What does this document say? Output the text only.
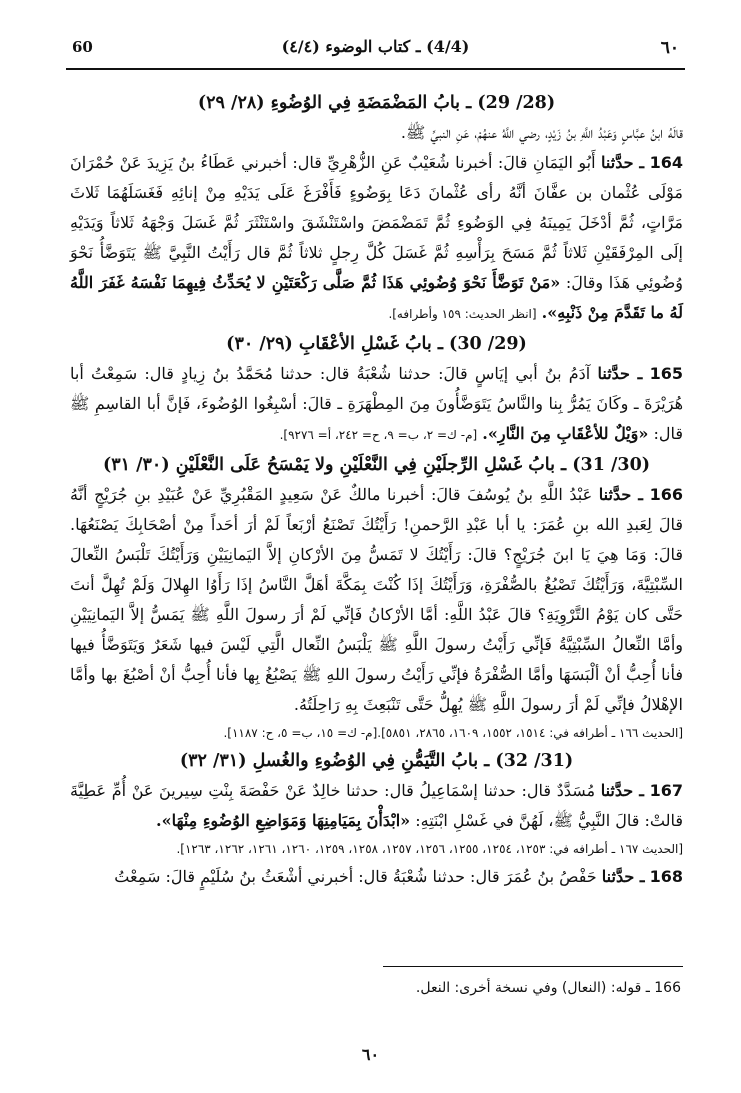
60	(4/4) ـ كتاب الوضوء (٤/٤)	٦٠

(28/ 29) ـ بابُ المَضْمَضَةِ فِي الوُضُوءِ (٢٨/ ٢٩)

قالَهُ ابنُ عبَّاسٍ وَعَبْدُ اللَّهِ بنُ زَيْدٍ، رضي اللَّهُ عنهُمْ، عَنِ النبيِّ ﷺ.

164 ـ حدَّثنا أَبُو اليَمَانِ قالَ: أخبرنا شُعَيْبٌ عَنِ الزُّهْرِيِّ قال: أخبرني عَطَاءُ بنُ يَزِيدَ عَنْ حُمْرَانَ مَوْلَى عُثْمان بن عفَّانَ أنَّهُ رأى عُثْمانَ دَعَا بِوَضُوءٍ فَأَفْرَغَ عَلَى يَدَيْهِ مِنْ إنائِهِ فَغَسَلَهُمَا ثَلاثَ مَرَّاتٍ، ثُمَّ أدْخَلَ يَمِينَهُ فِي الوَضُوءِ ثُمَّ تَمَضْمَضَ واسْتَنْشَقَ واسْتَنْثَرَ ثُمَّ غَسَلَ وَجْهَهُ ثَلاثاً وَيَدَيْهِ إلَى المِرْفَقَيْنِ ثَلاثاً ثُمَّ مَسَحَ بِرَأْسِهِ ثُمَّ غَسَلَ كُلَّ رِجلٍ ثلاثاً ثُمَّ قال رَأَيْتُ النَّبِيَّ ﷺ يَتَوَضَّأُ نَحْوَ وُضُوئِي هَذَا وقالَ: «مَنْ تَوَضَّأَ نَحْوَ وُضُوئِي هَذَا ثُمَّ صَلَّى رَكْعَتَيْنِ لا يُحَدِّثُ فِيهِمَا نَفْسَهُ غَفَرَ اللَّهُ لَهُ ما تَقَدَّمَ مِنْ ذَنْبِهِ». [انظر الحديث: ١٥٩ وأطرافه].

(29/ 30) ـ بابُ غَسْلِ الأعْقَابِ (٢٩/ ٣٠)

165 ـ حدَّثنا آدَمُ بنُ أبي إيَاسٍ قالَ: حدثنا شُعْبَةُ قال: حدثنا مُحَمَّدُ بنُ زِيادٍ قال: سَمِعْتُ أبا هُرَيْرَةَ ـ وكَانَ يَمُرُّ بِنا والنَّاسُ يَتَوَضَّأُونَ مِنَ المِطْهَرَةِ ـ قالَ: أسْبِغُوا الوُضُوءَ، فَإنَّ أبا القاسِمِ ﷺ قال: «وَيْلٌ للأعْقَابِ مِنَ النَّارِ». [م- ك= ٢، ب= ٩، ح= ٢٤٢، أ= ٩٢٧٦].

(30/ 31) ـ بابُ غَسْلِ الرِّجلَيْنِ فِي النَّعْلَيْنِ ولا يَمْسَحُ عَلَى النَّعْلَيْنِ (٣٠/ ٣١)

166 ـ حدَّثنا عَبْدُ اللَّهِ بنُ يُوسُفَ قالَ: أخبرنا مالكٌ عَنْ سَعِيدٍ المَقْبُرِيِّ عَنْ عُبَيْدِ بنِ جُرَيْجٍ أنَّهُ قالَ لِعَبدِ الله بنِ عُمَرَ: يا أبا عَبْدِ الرَّحمنِ! رَأَيْتُكَ تَصْنَعُ أرْبَعاً لَمْ أرَ أحَداً مِنْ أصْحَابِكَ يَصْنَعُهَا. قالَ: وَمَا هِيَ يَا ابنَ جُرَيْجٍ؟ قالَ: رَأَيْتُكَ لا تَمَسُّ مِنَ الأرْكانِ إلاَّ اليَمانِيَيْنِ وَرَأَيْتُكَ تَلْبَسُ النِّعالَ السِّبْتِيَّةَ، وَرَأَيْتُكَ تَصْبُغُ بالصُّفْرَةِ، وَرَأَيْتُكَ إذَا كُنْتَ بِمَكَّةَ أهَلَّ النَّاسُ إذَا رَأَوُا الهِلالَ وَلَمْ تُهِلَّ أنتَ حَتَّى كان يَوْمُ التَّرْوِيَةِ؟ قالَ عَبْدُ اللَّهِ: أمَّا الأرْكانُ فَإنِّي لَمْ أرَ رسولَ اللَّهِ ﷺ يَمَسُّ إلاَّ اليَمانِيَيْنِ وأمَّا النِّعالُ السِّبْتِيَّةُ فَإنِّي رَأَيْتُ رسولَ اللَّهِ ﷺ يَلْبَسُ النِّعال الَّتِي لَيْسَ فيها شَعَرٌ وَيَتَوَضَّأُ فيها فأنا أُحِبُّ أنْ ألْبَسَهَا وأمَّا الصُّفْرَةُ فإنِّي رَأَيْتُ رسولَ اللهِ ﷺ يَصْبُغُ بِها فأنا أُحِبُّ أنْ أصْبُغَ بها وأمَّا الإهْلالُ فإنِّي لَمْ أرَ رسولَ اللَّهِ ﷺ يُهِلُّ حَتَّى تَنْبَعِثَ بِهِ رَاحِلَتُهُ.

[الحديث ١٦٦ ـ أطرافه في: ١٥١٤، ١٥٥٢، ١٦٠٩، ٢٨٦٥، ٥٨٥١].[م- ك= ١٥، ب= ٥، ح: ١١٨٧].

(31/ 32) ـ بابُ التَّيَمُّنِ فِي الوُضُوءِ والغُسلِ (٣١/ ٣٢)

167 ـ حدَّثنا مُسَدَّدٌ قال: حدثنا إسْمَاعِيلُ قال: حدثنا خالِدٌ عَنْ حَفْصَةَ بِنْتِ سِيرينَ عَنْ أُمِّ عَطِيَّةَ قالتْ: قالَ النَّبِيُّ ﷺ، لَهُنَّ في غَسْلِ ابْنَتِهِ: «ابْدَأْنَ بِمَيَامِنِهَا وَمَوَاضِعِ الوُضُوءِ مِنْهَا».

[الحديث ١٦٧ ـ أطرافه في: ١٢٥٣، ١٢٥٤، ١٢٥٥، ١٢٥٦، ١٢٥٧، ١٢٥٨، ١٢٥٩، ١٢٦٠، ١٢٦١، ١٢٦٢، ١٢٦٣].

168 ـ حدَّثنا حَفْصُ بنُ عُمَرَ قال: حدثنا شُعْبَةُ قال: أخبرني أشْعَثُ بنُ سُلَيْمٍ قالَ: سَمِعْتُ

166 ـ قوله: (النعال) وفي نسخة أخرى: النعل.
٦٠
